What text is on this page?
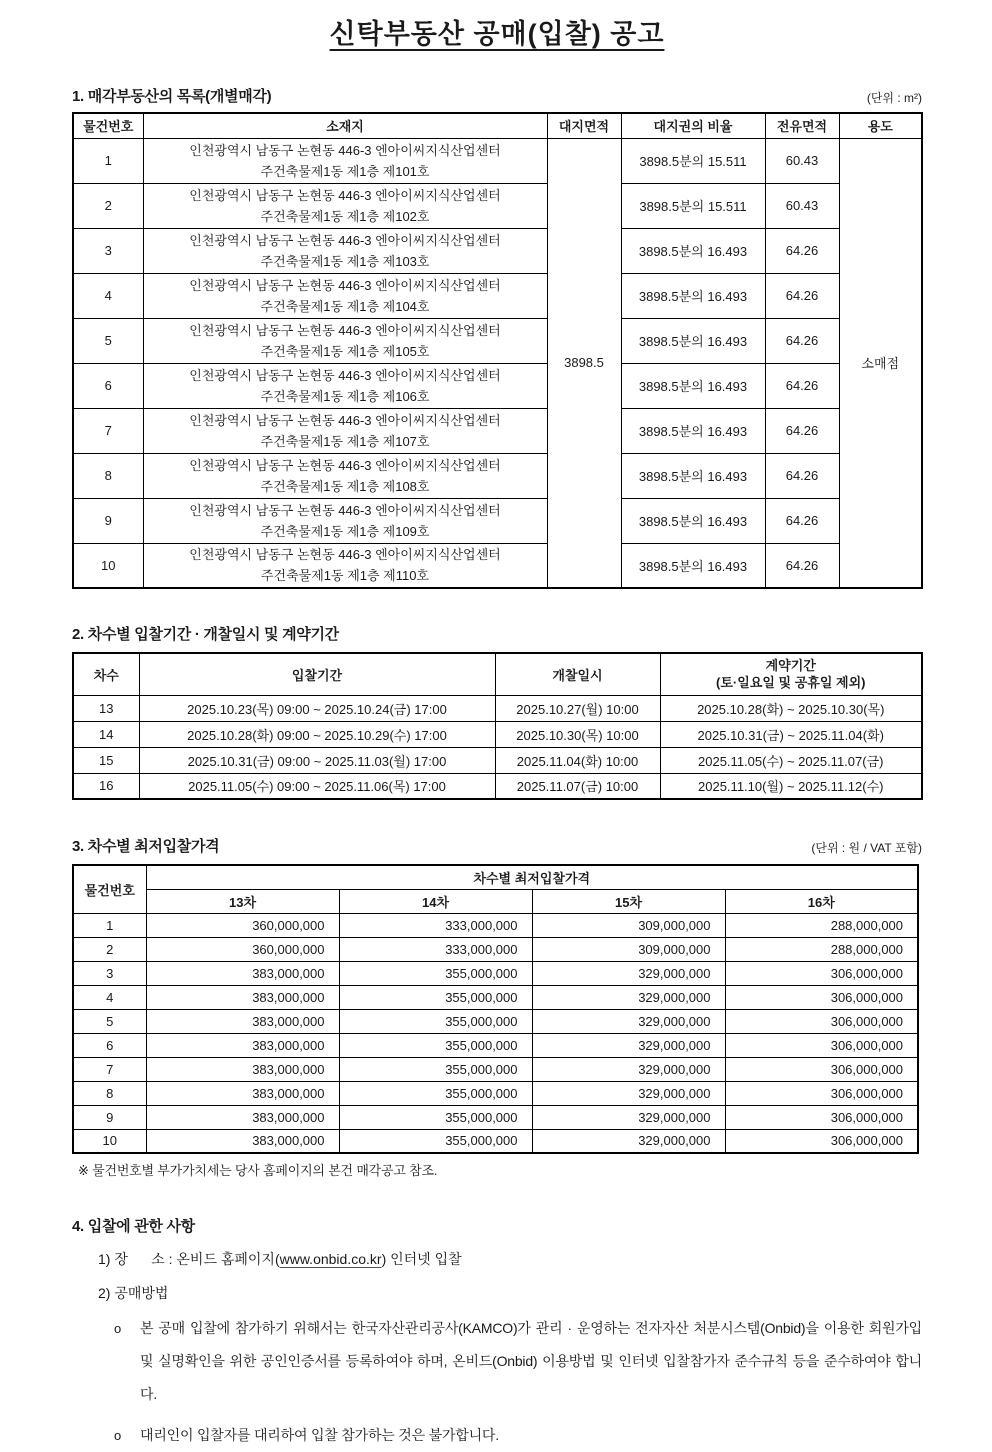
신탁부동산 공매(입찰) 공고
1. 매각부동산의 목록(개별매각)	(단위 : m²)
물건번호	소재지	대지면적	대지권의 비율	전유면적	용도
1	인천광역시 남동구 논현동 446-3 엔아이씨지식산업센터
주건축물제1동 제1층 제101호	3898.5	3898.5분의 15.511	60.43	소매점
2	인천광역시 남동구 논현동 446-3 엔아이씨지식산업센터
주건축물제1동 제1층 제102호		3898.5분의 15.511	60.43	
3	인천광역시 남동구 논현동 446-3 엔아이씨지식산업센터
주건축물제1동 제1층 제103호		3898.5분의 16.493	64.26	
4	인천광역시 남동구 논현동 446-3 엔아이씨지식산업센터
주건축물제1동 제1층 제104호		3898.5분의 16.493	64.26	
5	인천광역시 남동구 논현동 446-3 엔아이씨지식산업센터
주건축물제1동 제1층 제105호		3898.5분의 16.493	64.26	
6	인천광역시 남동구 논현동 446-3 엔아이씨지식산업센터
주건축물제1동 제1층 제106호		3898.5분의 16.493	64.26	
7	인천광역시 남동구 논현동 446-3 엔아이씨지식산업센터
주건축물제1동 제1층 제107호		3898.5분의 16.493	64.26	
8	인천광역시 남동구 논현동 446-3 엔아이씨지식산업센터
주건축물제1동 제1층 제108호		3898.5분의 16.493	64.26	
9	인천광역시 남동구 논현동 446-3 엔아이씨지식산업센터
주건축물제1동 제1층 제109호		3898.5분의 16.493	64.26	
10	인천광역시 남동구 논현동 446-3 엔아이씨지식산업센터
주건축물제1동 제1층 제110호		3898.5분의 16.493	64.26	
2. 차수별 입찰기간 · 개찰일시 및 계약기간
차수	입찰기간	개찰일시	계약기간
(토·일요일 및 공휴일 제외)

13	2025.10.23(목) 09:00 ~ 2025.10.24(금) 17:00	2025.10.27(월) 10:00	2025.10.28(화) ~ 2025.10.30(목)
14	2025.10.28(화) 09:00 ~ 2025.10.29(수) 17:00	2025.10.30(목) 10:00	2025.10.31(금) ~ 2025.11.04(화)
15	2025.10.31(금) 09:00 ~ 2025.11.03(월) 17:00	2025.11.04(화) 10:00	2025.11.05(수) ~ 2025.11.07(금)
16	2025.11.05(수) 09:00 ~ 2025.11.06(목) 17:00	2025.11.07(금) 10:00	2025.11.10(월) ~ 2025.11.12(수)
3. 차수별 최저입찰가격	(단위 : 원 / VAT 포함)
물건번호	차수별 최저입찰가격			
	13차	14차	15차	16차
1	360,000,000	333,000,000	309,000,000	288,000,000
2	360,000,000	333,000,000	309,000,000	288,000,000
3	383,000,000	355,000,000	329,000,000	306,000,000
4	383,000,000	355,000,000	329,000,000	306,000,000
5	383,000,000	355,000,000	329,000,000	306,000,000
6	383,000,000	355,000,000	329,000,000	306,000,000
7	383,000,000	355,000,000	329,000,000	306,000,000
8	383,000,000	355,000,000	329,000,000	306,000,000
9	383,000,000	355,000,000	329,000,000	306,000,000
10	383,000,000	355,000,000	329,000,000	306,000,000
※ 물건번호별 부가가치세는 당사 홈페이지의 본건 매각공고 참조.
4. 입찰에 관한 사항
1) 장      소 : 온비드 홈페이지(www.onbid.co.kr) 인터넷 입찰
2) 공매방법
o	본 공매 입찰에 참가하기 위해서는 한국자산관리공사(KAMCO)가 관리 · 운영하는 전자자산 처분시스템(Onbid)을 이용한 회원가입 및 실명확인을 위한 공인인증서를 등록하여야 하며, 온비드(Onbid) 이용방법 및 인터넷 입찰참가자 준수규칙 등을 준수하여야 합니다.
o	대리인이 입찰자를 대리하여 입찰 참가하는 것은 불가합니다.
